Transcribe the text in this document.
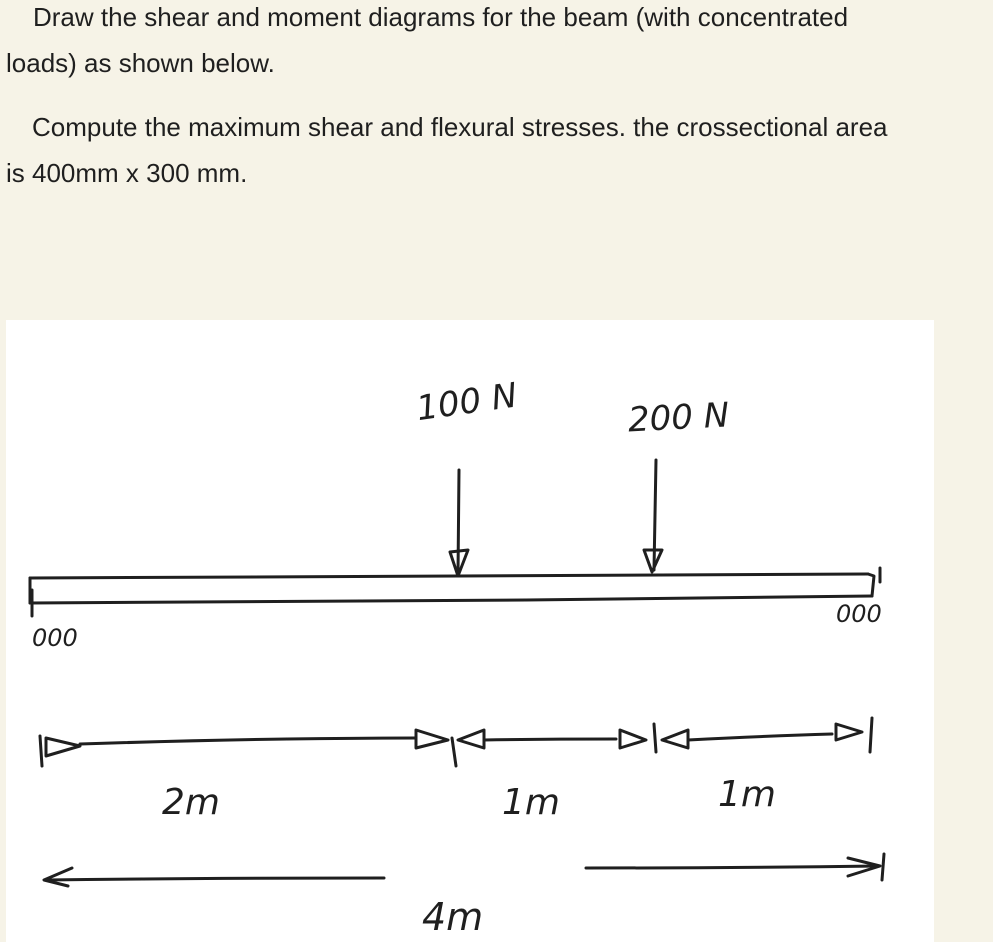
Draw the shear and moment diagrams for the beam (with concentrated

loads) as shown below.

Compute the maximum shear and flexural stresses. the crossectional area

is 400mm x 300 mm.

100 N	200 N
000
000
2m	1m	1m
4m
